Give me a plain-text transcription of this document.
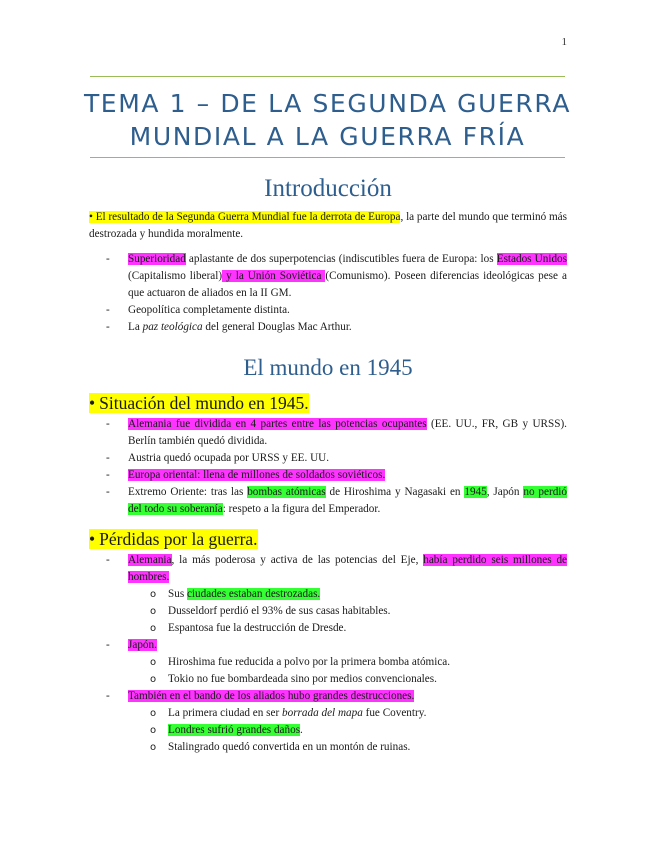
1
TEMA 1 – DE LA SEGUNDA GUERRA
MUNDIAL A LA GUERRA FRÍA
Introducción

• El resultado de la Segunda Guerra Mundial fue la derrota de Europa, la parte del mundo que terminó más destrozada y hundida moralmente.

- Superioridad aplastante de dos superpotencias (indiscutibles fuera de Europa: los Estados Unidos (Capitalismo liberal) y la Unión Soviética (Comunismo). Poseen diferencias ideológicas pese a que actuaron de aliados en la II GM.
- Geopolítica completamente distinta.
- La paz teológica del general Douglas Mac Arthur.
El mundo en 1945
• Situación del mundo en 1945.
- Alemania fue dividida en 4 partes entre las potencias ocupantes (EE. UU., FR, GB y URSS). Berlín también quedó dividida.
- Austria quedó ocupada por URSS y EE. UU.
- Europa oriental: llena de millones de soldados soviéticos.
- Extremo Oriente: tras las bombas atómicas de Hiroshima y Nagasaki en 1945, Japón no perdió del todo su soberanía: respeto a la figura del Emperador.
• Pérdidas por la guerra.
- Alemania, la más poderosa y activa de las potencias del Eje, había perdido seis millones de hombres.
o Sus ciudades estaban destrozadas.
o Dusseldorf perdió el 93% de sus casas habitables.
o Espantosa fue la destrucción de Dresde.
- Japón.
o Hiroshima fue reducida a polvo por la primera bomba atómica.
o Tokio no fue bombardeada sino por medios convencionales.
- También en el bando de los aliados hubo grandes destrucciones.
o La primera ciudad en ser borrada del mapa fue Coventry.
o Londres sufrió grandes daños.
o Stalingrado quedó convertida en un montón de ruinas.
